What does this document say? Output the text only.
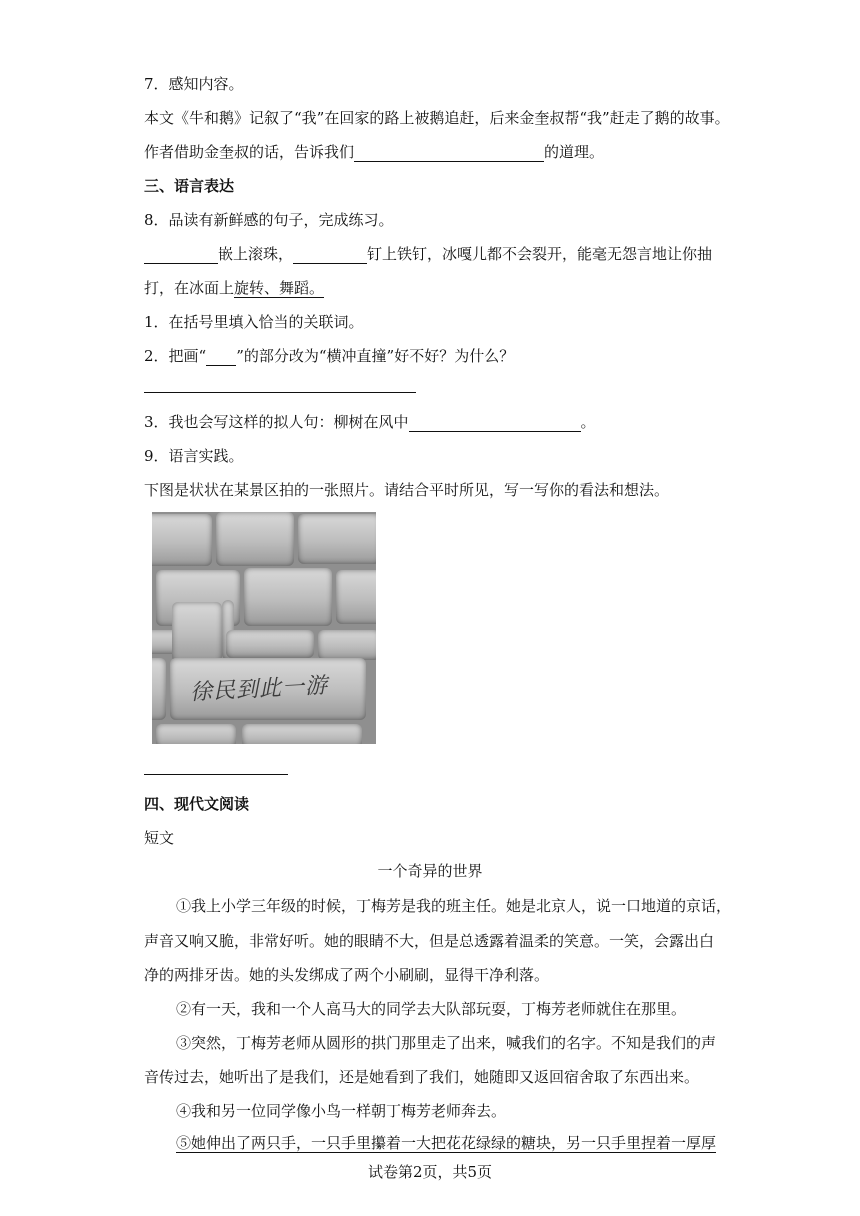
7．感知内容。
本文《牛和鹅》记叙了“我”在回家的路上被鹅追赶，后来金奎叔帮“我”赶走了鹅的故事。
作者借助金奎叔的话，告诉我们	的道理。
三、语言表达
8．品读有新鲜感的句子，完成练习。
嵌上滚珠，	钉上铁钉，冰嘎儿都不会裂开，能毫无怨言地让你抽
打，在冰面上旋转、舞蹈。
1．在括号里填入恰当的关联词。
2．把画“ ”的部分改为“横冲直撞”好不好？为什么？
3．我也会写这样的拟人句：柳树在风中	。
9．语言实践。
下图是状状在某景区拍的一张照片。请结合平时所见，写一写你的看法和想法。
徐民到此一游
四、现代文阅读
短文
一个奇异的世界
①我上小学三年级的时候，丁梅芳是我的班主任。她是北京人，说一口地道的京话，
声音又响又脆，非常好听。她的眼睛不大，但是总透露着温柔的笑意。一笑，会露出白
净的两排牙齿。她的头发绑成了两个小刷刷，显得干净利落。
②有一天，我和一个人高马大的同学去大队部玩耍，丁梅芳老师就住在那里。
③突然，丁梅芳老师从圆形的拱门那里走了出来，喊我们的名字。不知是我们的声
音传过去，她听出了是我们，还是她看到了我们，她随即又返回宿舍取了东西出来。
④我和另一位同学像小鸟一样朝丁梅芳老师奔去。
⑤她伸出了两只手，一只手里攥着一大把花花绿绿的糖块，另一只手里捏着一厚厚
试卷第2页，共5页
